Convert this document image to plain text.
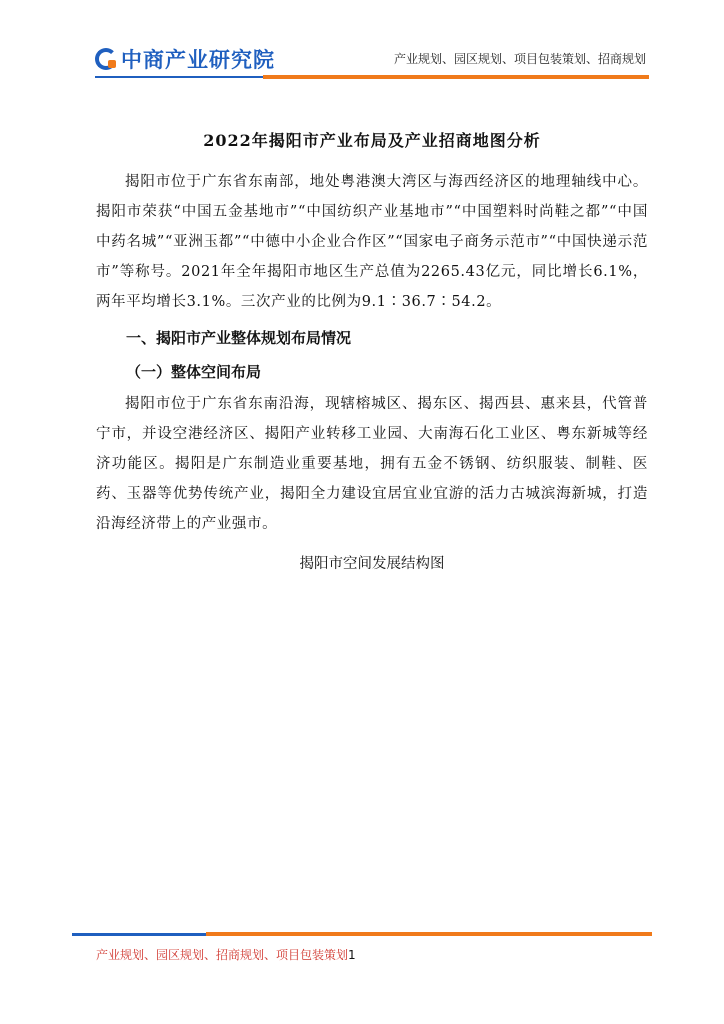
中商产业研究院	产业规划、园区规划、项目包装策划、招商规划
2022年揭阳市产业布局及产业招商地图分析

揭阳市位于广东省东南部，地处粤港澳大湾区与海西经济区的地理轴线中心。揭阳市荣获“中国五金基地市”“中国纺织产业基地市”“中国塑料时尚鞋之都”“中国中药名城”“亚洲玉都”“中德中小企业合作区”“国家电子商务示范市”“中国快递示范市”等称号。2021年全年揭阳市地区生产总值为2265.43亿元，同比增长6.1%，两年平均增长3.1%。三次产业的比例为9.1∶36.7∶54.2。

一、揭阳市产业整体规划布局情况
（一）整体空间布局

揭阳市位于广东省东南沿海，现辖榕城区、揭东区、揭西县、惠来县，代管普宁市，并设空港经济区、揭阳产业转移工业园、大南海石化工业区、粤东新城等经济功能区。揭阳是广东制造业重要基地，拥有五金不锈钢、纺织服装、制鞋、医药、玉器等优势传统产业，揭阳全力建设宜居宜业宜游的活力古城滨海新城，打造沿海经济带上的产业强市。

揭阳市空间发展结构图
产业规划、园区规划、招商规划、项目包装策划1
